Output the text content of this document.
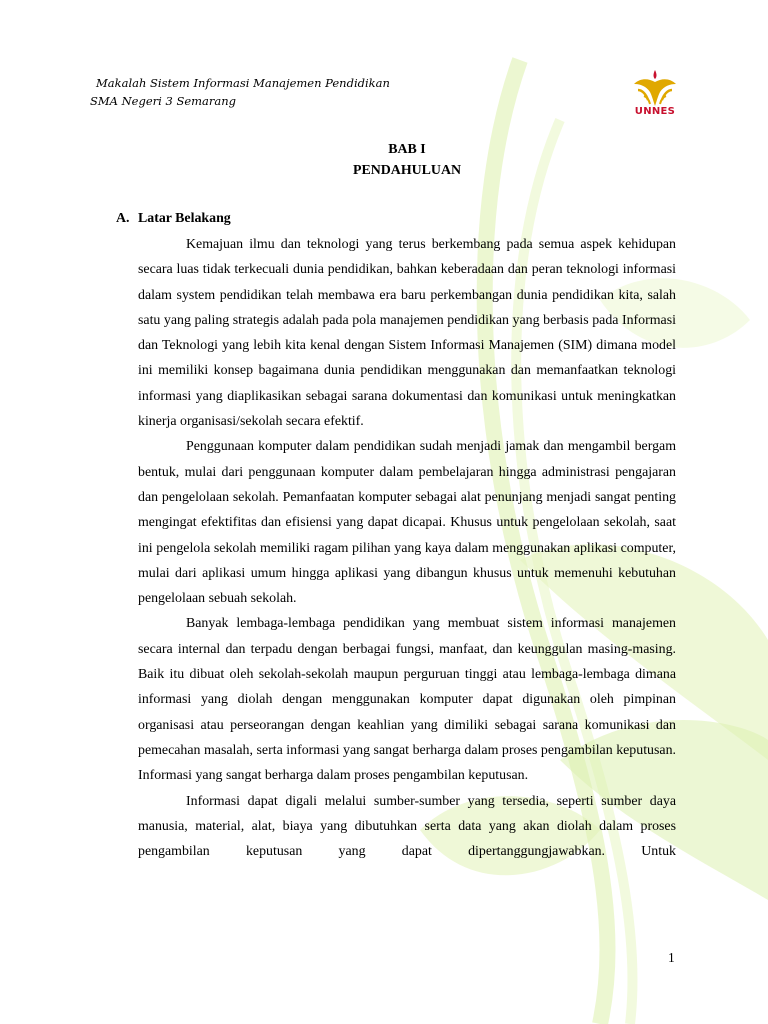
Makalah Sistem Informasi Manajemen Pendidikan
SMA Negeri 3 Semarang
UNNES
BAB I
PENDAHULUAN
A. Latar Belakang

Kemajuan ilmu dan teknologi yang terus berkembang pada semua aspek kehidupan secara luas tidak terkecuali dunia pendidikan, bahkan keberadaan dan peran teknologi informasi dalam system pendidikan telah membawa era baru perkembangan dunia pendidikan kita, salah satu yang paling strategis adalah pada pola manajemen pendidikan yang berbasis pada Informasi dan Teknologi yang lebih kita kenal dengan Sistem Informasi Manajemen (SIM) dimana model ini memiliki konsep bagaimana dunia pendidikan menggunakan dan memanfaatkan teknologi informasi yang diaplikasikan sebagai sarana dokumentasi dan komunikasi untuk meningkatkan kinerja organisasi/sekolah secara efektif.

Penggunaan komputer dalam pendidikan sudah menjadi jamak dan mengambil bergam bentuk, mulai dari penggunaan komputer dalam pembelajaran hingga administrasi pengajaran dan pengelolaan sekolah. Pemanfaatan komputer sebagai alat penunjang menjadi sangat penting mengingat efektifitas dan efisiensi yang dapat dicapai. Khusus untuk pengelolaan sekolah, saat ini pengelola sekolah memiliki ragam pilihan yang kaya dalam menggunakan aplikasi computer, mulai dari aplikasi umum hingga aplikasi yang dibangun khusus untuk memenuhi kebutuhan pengelolaan sebuah sekolah.

Banyak lembaga-lembaga pendidikan yang membuat sistem informasi manajemen secara internal dan terpadu dengan berbagai fungsi, manfaat, dan keunggulan masing-masing. Baik itu dibuat oleh sekolah-sekolah maupun perguruan tinggi atau lembaga-lembaga dimana informasi yang diolah dengan menggunakan komputer dapat digunakan oleh pimpinan organisasi atau perseorangan dengan keahlian yang dimiliki sebagai sarana komunikasi dan pemecahan masalah, serta informasi yang sangat berharga dalam proses pengambilan keputusan. Informasi yang sangat berharga dalam proses pengambilan keputusan.

Informasi dapat digali melalui sumber-sumber yang tersedia, seperti sumber daya manusia, material, alat, biaya yang dibutuhkan serta data yang akan diolah dalam proses pengambilan keputusan yang dapat dipertanggungjawabkan. Untuk

1
